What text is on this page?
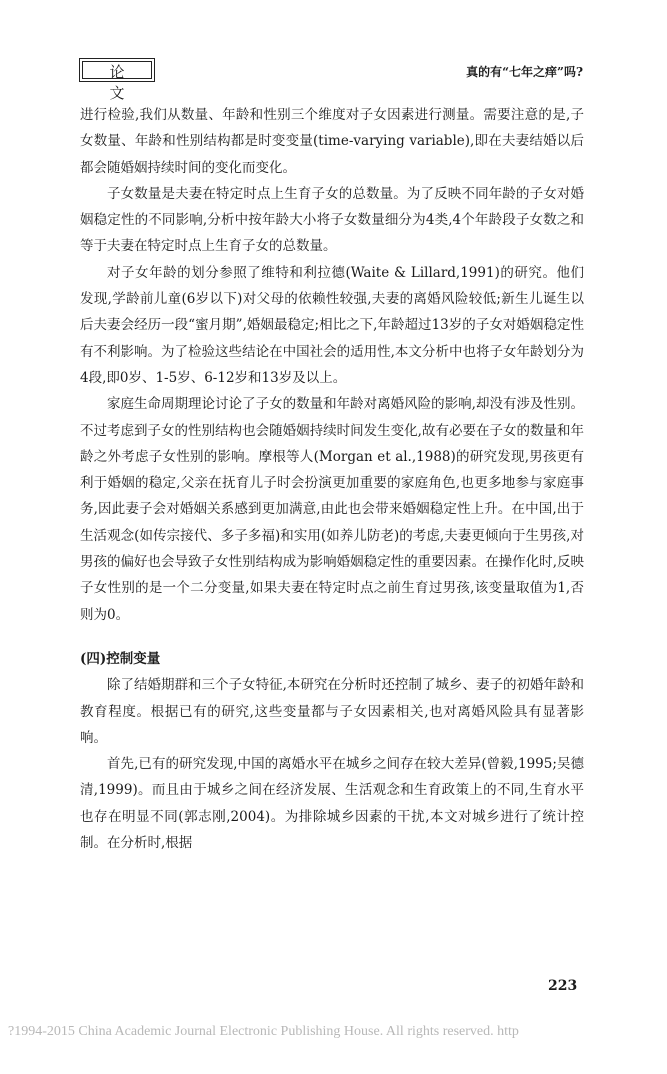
论文
真的有“七年之痒”吗?

进行检验,我们从数量、年龄和性别三个维度对子女因素进行测量。需要注意的是,子女数量、年龄和性别结构都是时变变量(time-varying variable),即在夫妻结婚以后都会随婚姻持续时间的变化而变化。

子女数量是夫妻在特定时点上生育子女的总数量。为了反映不同年龄的子女对婚姻稳定性的不同影响,分析中按年龄大小将子女数量细分为4类,4个年龄段子女数之和等于夫妻在特定时点上生育子女的总数量。

对子女年龄的划分参照了维特和利拉德(Waite & Lillard,1991)的研究。他们发现,学龄前儿童(6岁以下)对父母的依赖性较强,夫妻的离婚风险较低;新生儿诞生以后夫妻会经历一段“蜜月期”,婚姻最稳定;相比之下,年龄超过13岁的子女对婚姻稳定性有不利影响。为了检验这些结论在中国社会的适用性,本文分析中也将子女年龄划分为4段,即0岁、1-5岁、6-12岁和13岁及以上。

家庭生命周期理论讨论了子女的数量和年龄对离婚风险的影响,却没有涉及性别。不过考虑到子女的性别结构也会随婚姻持续时间发生变化,故有必要在子女的数量和年龄之外考虑子女性别的影响。摩根等人(Morgan et al.,1988)的研究发现,男孩更有利于婚姻的稳定,父亲在抚育儿子时会扮演更加重要的家庭角色,也更多地参与家庭事务,因此妻子会对婚姻关系感到更加满意,由此也会带来婚姻稳定性上升。在中国,出于生活观念(如传宗接代、多子多福)和实用(如养儿防老)的考虑,夫妻更倾向于生男孩,对男孩的偏好也会导致子女性别结构成为影响婚姻稳定性的重要因素。在操作化时,反映子女性别的是一个二分变量,如果夫妻在特定时点之前生育过男孩,该变量取值为1,否则为0。

(四)控制变量

除了结婚期群和三个子女特征,本研究在分析时还控制了城乡、妻子的初婚年龄和教育程度。根据已有的研究,这些变量都与子女因素相关,也对离婚风险具有显著影响。

首先,已有的研究发现,中国的离婚水平在城乡之间存在较大差异(曾毅,1995;吴德清,1999)。而且由于城乡之间在经济发展、生活观念和生育政策上的不同,生育水平也存在明显不同(郭志刚,2004)。为排除城乡因素的干扰,本文对城乡进行了统计控制。在分析时,根据

223
?1994-2015 China Academic Journal Electronic Publishing House. All rights reserved. http
